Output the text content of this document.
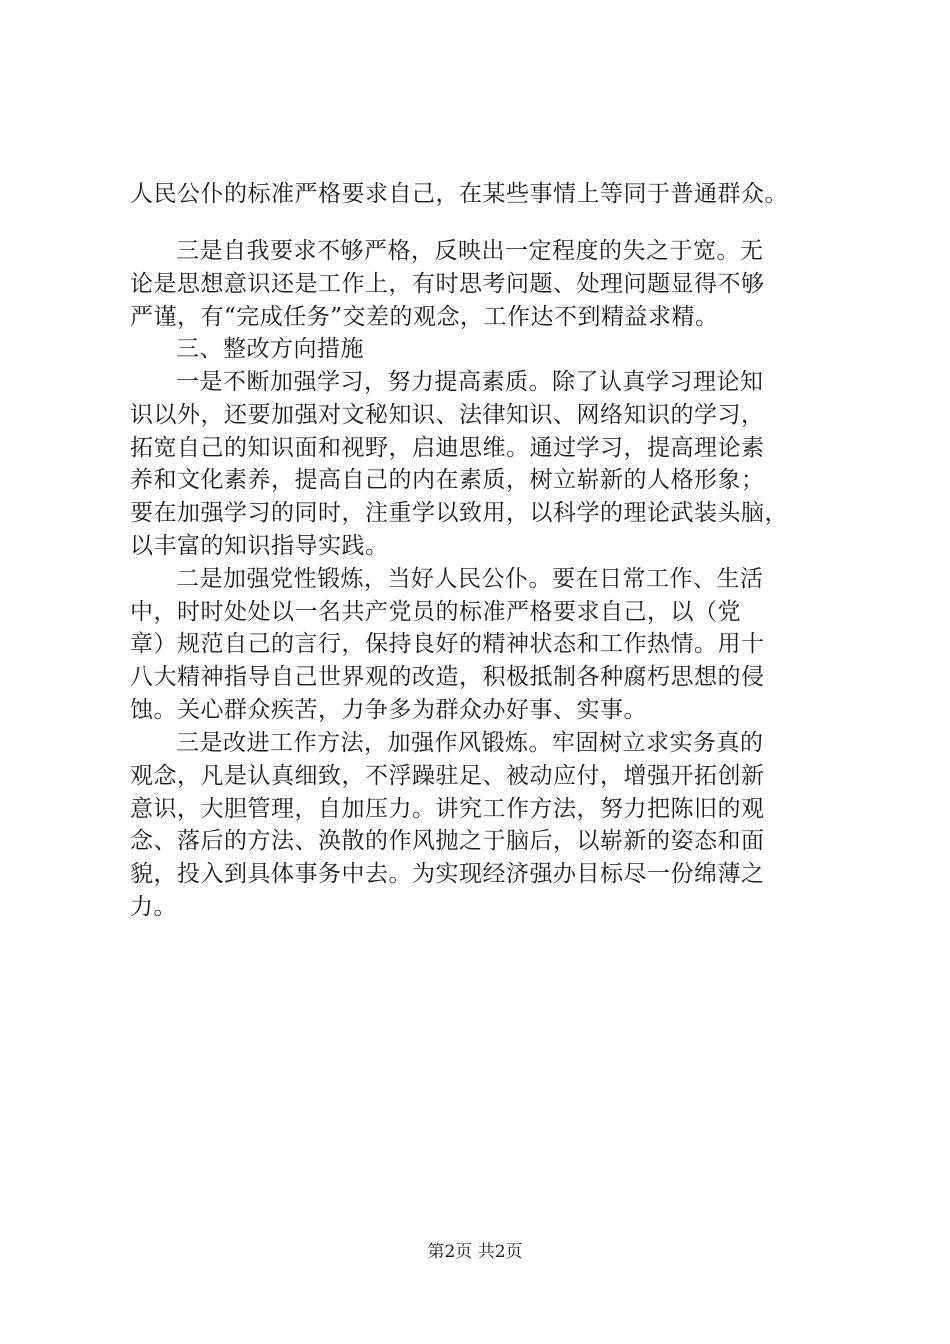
人民公仆的标准严格要求自己，在某些事情上等同于普通群众。
三是自我要求不够严格，反映出一定程度的失之于宽。无
论是思想意识还是工作上，有时思考问题、处理问题显得不够
严谨，有“完成任务”交差的观念，工作达不到精益求精。
三、整改方向措施
一是不断加强学习，努力提高素质。除了认真学习理论知
识以外，还要加强对文秘知识、法律知识、网络知识的学习，
拓宽自己的知识面和视野，启迪思维。通过学习，提高理论素
养和文化素养，提高自己的内在素质，树立崭新的人格形象；
要在加强学习的同时，注重学以致用，以科学的理论武装头脑，
以丰富的知识指导实践。
二是加强党性锻炼，当好人民公仆。要在日常工作、生活
中，时时处处以一名共产党员的标准严格要求自己，以（党
章）规范自己的言行，保持良好的精神状态和工作热情。用十
八大精神指导自己世界观的改造，积极抵制各种腐朽思想的侵
蚀。关心群众疾苦，力争多为群众办好事、实事。
三是改进工作方法，加强作风锻炼。牢固树立求实务真的
观念，凡是认真细致，不浮躁驻足、被动应付，增强开拓创新
意识，大胆管理，自加压力。讲究工作方法，努力把陈旧的观
念、落后的方法、涣散的作风抛之于脑后，以崭新的姿态和面
貌，投入到具体事务中去。为实现经济强办目标尽一份绵薄之
力。
第2页 共2页
